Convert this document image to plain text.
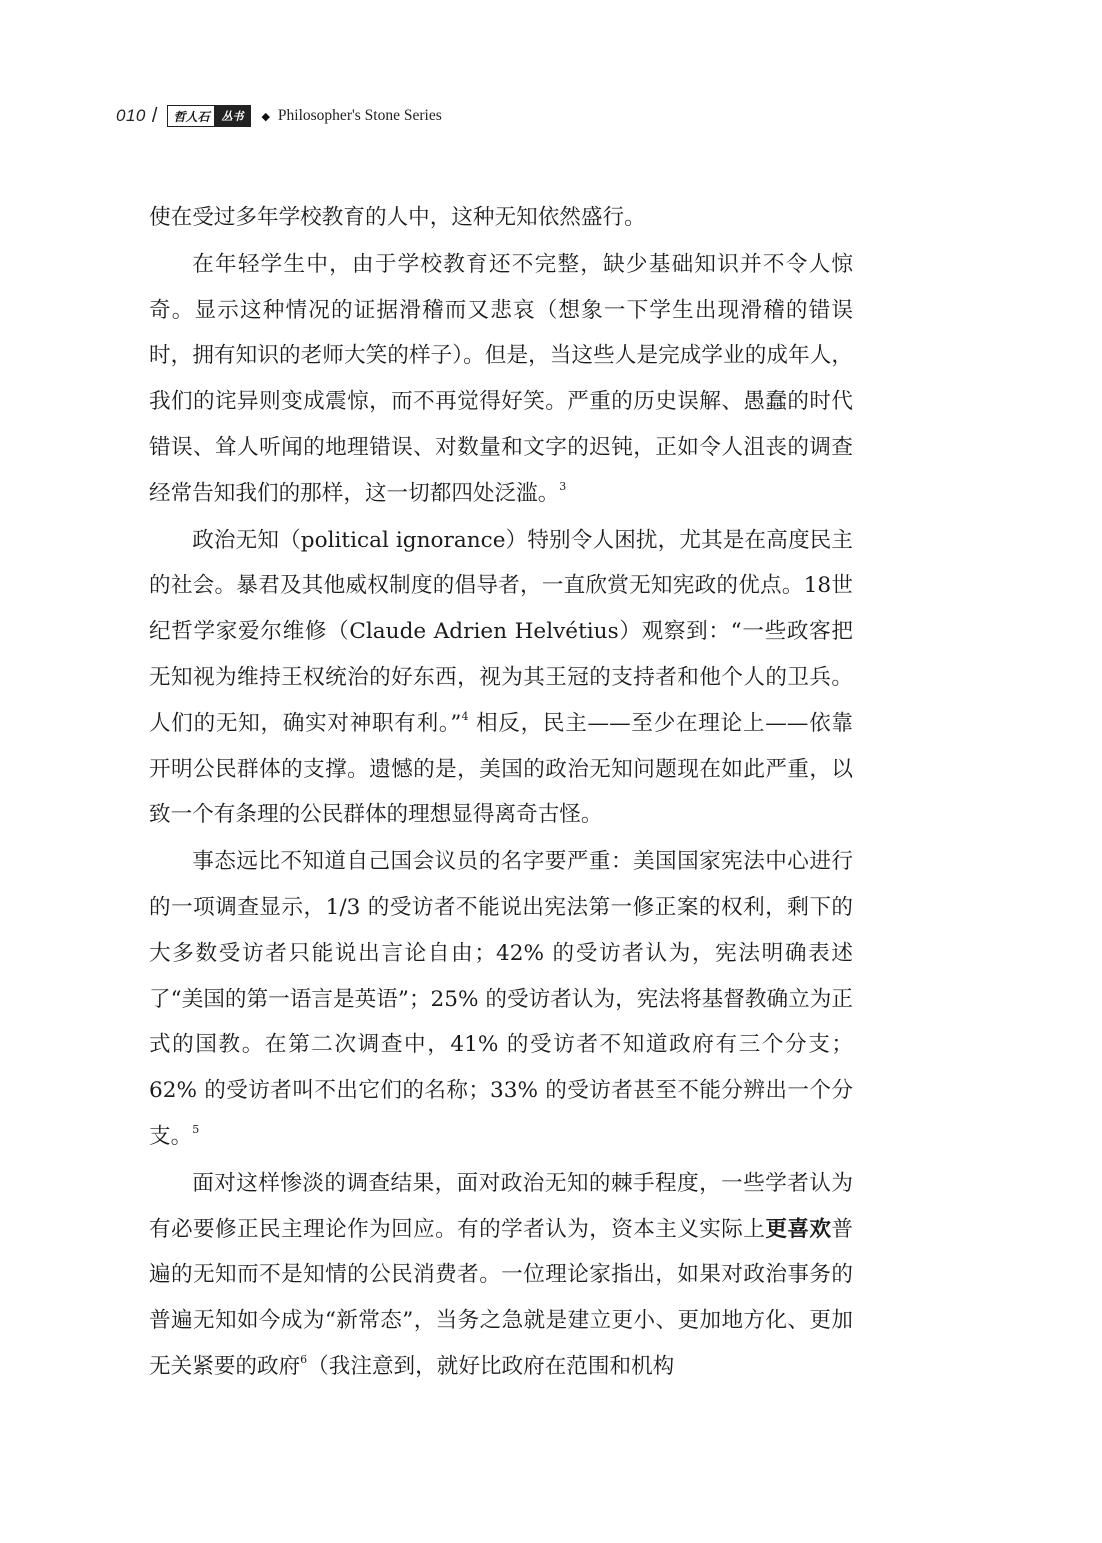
010 /	哲人石	丛书	◆ Philosopher's Stone Series

使在受过多年学校教育的人中，这种无知依然盛行。

在年轻学生中，由于学校教育还不完整，缺少基础知识并不令人惊奇。显示这种情况的证据滑稽而又悲哀（想象一下学生出现滑稽的错误时，拥有知识的老师大笑的样子）。但是，当这些人是完成学业的成年人，我们的诧异则变成震惊，而不再觉得好笑。严重的历史误解、愚蠢的时代错误、耸人听闻的地理错误、对数量和文字的迟钝，正如令人沮丧的调查经常告知我们的那样，这一切都四处泛滥。$^3$

政治无知（political ignorance）特别令人困扰，尤其是在高度民主的社会。暴君及其他威权制度的倡导者，一直欣赏无知宪政的优点。18世纪哲学家爱尔维修（Claude Adrien Helvétius）观察到：“一些政客把无知视为维持王权统治的好东西，视为其王冠的支持者和他个人的卫兵。人们的无知，确实对神职有利。”$^4$ 相反，民主——至少在理论上——依靠开明公民群体的支撑。遗憾的是，美国的政治无知问题现在如此严重，以致一个有条理的公民群体的理想显得离奇古怪。

事态远比不知道自己国会议员的名字要严重：美国国家宪法中心进行的一项调查显示，1/3 的受访者不能说出宪法第一修正案的权利，剩下的大多数受访者只能说出言论自由；42% 的受访者认为，宪法明确表述了“美国的第一语言是英语”；25% 的受访者认为，宪法将基督教确立为正式的国教。在第二次调查中，41% 的受访者不知道政府有三个分支；62% 的受访者叫不出它们的名称；33% 的受访者甚至不能分辨出一个分支。$^5$

面对这样惨淡的调查结果，面对政治无知的棘手程度，一些学者认为有必要修正民主理论作为回应。有的学者认为，资本主义实际上更喜欢普遍的无知而不是知情的公民消费者。一位理论家指出，如果对政治事务的普遍无知如今成为“新常态”，当务之急就是建立更小、更加地方化、更加无关紧要的政府$^6$（我注意到，就好比政府在范围和机构
